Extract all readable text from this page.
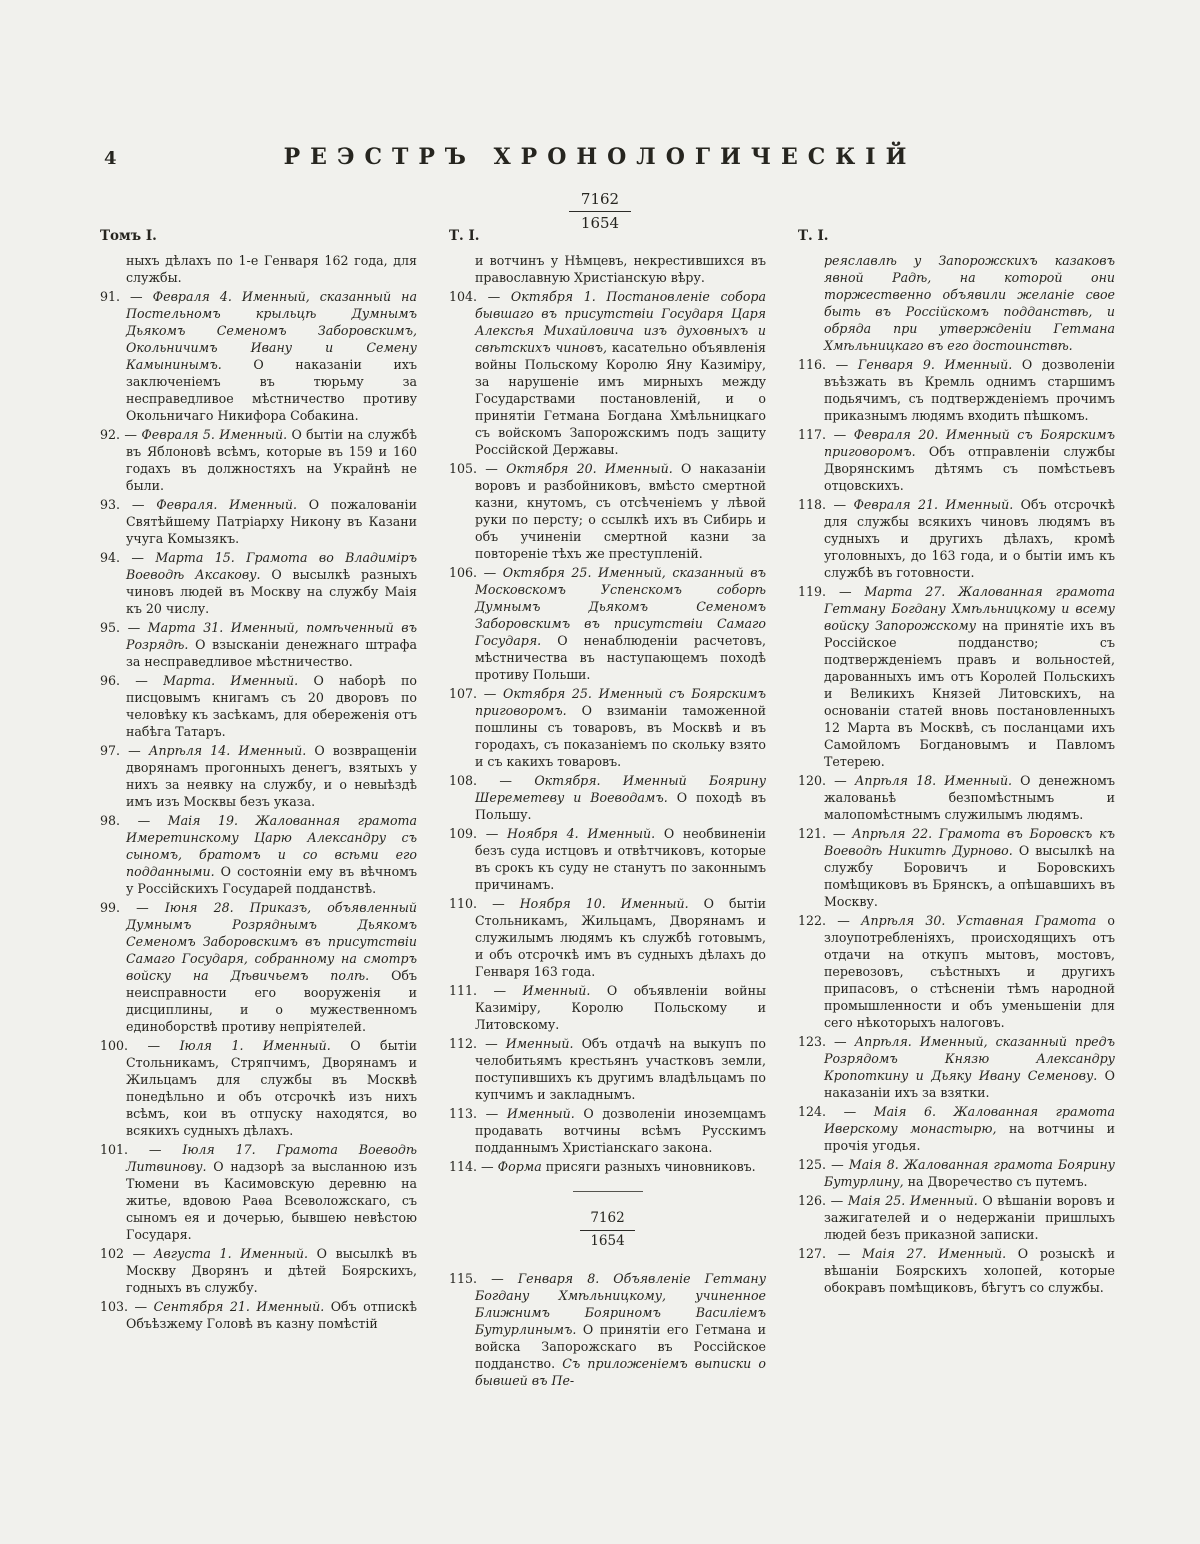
4	РЕЭСТРЪ ХРОНОЛОГИЧЕСКІЙ
$\frac{7162}{1654}$

Томъ I.

ныхъ дѣлахъ по 1-е Генваря 162 года, для службы.

91. — Февраля 4. Именный, сказанный на Постельномъ крыльцѣ Думнымъ Дьякомъ Семеномъ Заборовскимъ, Окольничимъ Ивану и Семену Камынинымъ. О наказаніи ихъ заключеніемъ въ тюрьму за несправедливое мѣстничество противу Окольничаго Никифора Собакина.

92. — Февраля 5. Именный. О бытіи на службѣ въ Яблоновѣ всѣмъ, которые въ 159 и 160 годахъ въ должностяхъ на Украйнѣ не были.

93. — Февраля. Именный. О пожалованіи Святѣйшему Патріарху Никону въ Казани учуга Комызякъ.

94. — Марта 15. Грамота во Владиміръ Воеводѣ Аксакову. О высылкѣ разныхъ чиновъ людей въ Москву на службу Маія къ 20 числу.

95. — Марта 31. Именный, помѣченный въ Розрядѣ. О взысканіи денежнаго штрафа за несправедливое мѣстничество.

96. — Марта. Именный. О наборѣ по писцовымъ книгамъ съ 20 дворовъ по человѣку къ засѣкамъ, для обереженія отъ набѣга Татаръ.

97. — Апрѣля 14. Именный. О возвращеніи дворянамъ прогонныхъ денегъ, взятыхъ у нихъ за неявку на службу, и о невыѣздѣ имъ изъ Москвы безъ указа.

98. — Маія 19. Жалованная грамота Имеретинскому Царю Александру съ сыномъ, братомъ и со всѣми его подданными. О состояніи ему въ вѣчномъ у Россійскихъ Государей подданствѣ.

99. — Іюня 28. Приказъ, объявленный Думнымъ Розряднымъ Дьякомъ Семеномъ Заборовскимъ въ присутствіи Самаго Государя, собранному на смотръ войску на Дѣвичьемъ полѣ. Объ неисправности его вооруженія и дисциплины, и о мужественномъ единоборствѣ противу непріятелей.

100. — Іюля 1. Именный. О бытіи Стольникамъ, Стряпчимъ, Дворянамъ и Жильцамъ для службы въ Москвѣ понедѣльно и объ отсрочкѣ изъ нихъ всѣмъ, кои въ отпуску находятся, во всякихъ судныхъ дѣлахъ.

101. — Іюля 17. Грамота Воеводѣ Литвинову. О надзорѣ за высланною изъ Тюмени въ Касимовскую деревню на житье, вдовою Раѳа Всеволожскаго, съ сыномъ ея и дочерью, бывшею невѣстою Государя.

102 — Августа 1. Именный. О высылкѣ въ Москву Дворянъ и дѣтей Боярскихъ, годныхъ въ службу.

103. — Сентября 21. Именный. Объ отпискѣ Объѣзжему Головѣ въ казну помѣстій

Т. I.

и вотчинъ у Нѣмцевъ, некрестившихся въ православную Христіанскую вѣру.

104. — Октября 1. Постановленіе собора бывшаго въ присутствіи Государя Царя Алексѣя Михайловича изъ духовныхъ и свѣтскихъ чиновъ, касательно объявленія войны Польскому Королю Яну Казиміру, за нарушеніе имъ мирныхъ между Государствами постановленій, и о принятіи Гетмана Богдана Хмѣльницкаго съ войскомъ Запорожскимъ подъ защиту Россійской Державы.

105. — Октября 20. Именный. О наказаніи воровъ и разбойниковъ, вмѣсто смертной казни, кнутомъ, съ отсѣченіемъ у лѣвой руки по персту; о ссылкѣ ихъ въ Сибирь и объ учиненіи смертной казни за повтореніе тѣхъ же преступленій.

106. — Октября 25. Именный, сказанный въ Московскомъ Успенскомъ соборѣ Думнымъ Дьякомъ Семеномъ Заборовскимъ въ присутствіи Самаго Государя. О ненаблюденіи расчетовъ, мѣстничества въ наступающемъ походѣ противу Польши.

107. — Октября 25. Именный съ Боярскимъ приговоромъ. О взиманіи таможенной пошлины съ товаровъ, въ Москвѣ и въ городахъ, съ показаніемъ по скольку взято и съ какихъ товаровъ.

108. — Октября. Именный Боярину Шереметеву и Воеводамъ. О походѣ въ Польшу.

109. — Ноября 4. Именный. О необвиненіи безъ суда истцовъ и отвѣтчиковъ, которые въ срокъ къ суду не станутъ по законнымъ причинамъ.

110. — Ноября 10. Именный. О бытіи Стольникамъ, Жильцамъ, Дворянамъ и служилымъ людямъ къ службѣ готовымъ, и объ отсрочкѣ имъ въ судныхъ дѣлахъ до Генваря 163 года.

111. — Именный. О объявленіи войны Казиміру, Королю Польскому и Литовскому.

112. — Именный. Объ отдачѣ на выкупъ по челобитьямъ крестьянъ участковъ земли, поступившихъ къ другимъ владѣльцамъ по купчимъ и закладнымъ.

113. — Именный. О дозволеніи иноземцамъ продавать вотчины всѣмъ Русскимъ подданнымъ Христіанскаго закона.

114. — Форма присяги разныхъ чиновниковъ.

7162
1654

115. — Генваря 8. Объявленіе Гетману Богдану Хмѣльницкому, учиненное Ближнимъ Бояриномъ Василіемъ Бутурлинымъ. О принятіи его Гетмана и войска Запорожскаго въ Россійское подданство. Съ приложеніемъ выписки о бывшей въ Пе-

Т. I.

реяславлѣ у Запорожскихъ казаковъ явной Радѣ, на которой они торжественно объявили желаніе свое быть въ Россійскомъ подданствѣ, и обряда при утвержденіи Гетмана Хмѣльницкаго въ его достоинствѣ.

116. — Генваря 9. Именный. О дозволеніи въѣзжать въ Кремль однимъ старшимъ подьячимъ, съ подтвержденіемъ прочимъ приказнымъ людямъ входить пѣшкомъ.

117. — Февраля 20. Именный съ Боярскимъ приговоромъ. Объ отправленіи службы Дворянскимъ дѣтямъ съ помѣстьевъ отцовскихъ.

118. — Февраля 21. Именный. Объ отсрочкѣ для службы всякихъ чиновъ людямъ въ судныхъ и другихъ дѣлахъ, кромѣ уголовныхъ, до 163 года, и о бытіи имъ къ службѣ въ готовности.

119. — Марта 27. Жалованная грамота Гетману Богдану Хмѣльницкому и всему войску Запорожскому на принятіе ихъ въ Россійское подданство; съ подтвержденіемъ правъ и вольностей, дарованныхъ имъ отъ Королей Польскихъ и Великихъ Князей Литовскихъ, на основаніи статей вновь постановленныхъ 12 Марта въ Москвѣ, съ посланцами ихъ Самойломъ Богдановымъ и Павломъ Тетерею.

120. — Апрѣля 18. Именный. О денежномъ жалованьѣ безпомѣстнымъ и малопомѣстнымъ служилымъ людямъ.

121. — Апрѣля 22. Грамота въ Боровскъ къ Воеводѣ Никитѣ Дурново. О высылкѣ на службу Боровичъ и Боровскихъ помѣщиковъ въ Брянскъ, а опѣшавшихъ въ Москву.

122. — Апрѣля 30. Уставная Грамота о злоупотребленіяхъ, происходящихъ отъ отдачи на откупъ мытовъ, мостовъ, перевозовъ, съѣстныхъ и другихъ припасовъ, о стѣсненіи тѣмъ народной промышленности и объ уменьшеніи для сего нѣкоторыхъ налоговъ.

123. — Апрѣля. Именный, сказанный предъ Розрядомъ Князю Александру Кропоткину и Дьяку Ивану Семенову. О наказаніи ихъ за взятки.

124. — Маія 6. Жалованная грамота Иверскому монастырю, на вотчины и прочія угодья.

125. — Маія 8. Жалованная грамота Боярину Бутурлину, на Дворечество съ путемъ.

126. — Маія 25. Именный. О вѣшаніи воровъ и зажигателей и о недержаніи пришлыхъ людей безъ приказной записки.

127. — Маія 27. Именный. О розыскѣ и вѣшаніи Боярскихъ холопей, которые обокравъ помѣщиковъ, бѣгутъ со службы.
